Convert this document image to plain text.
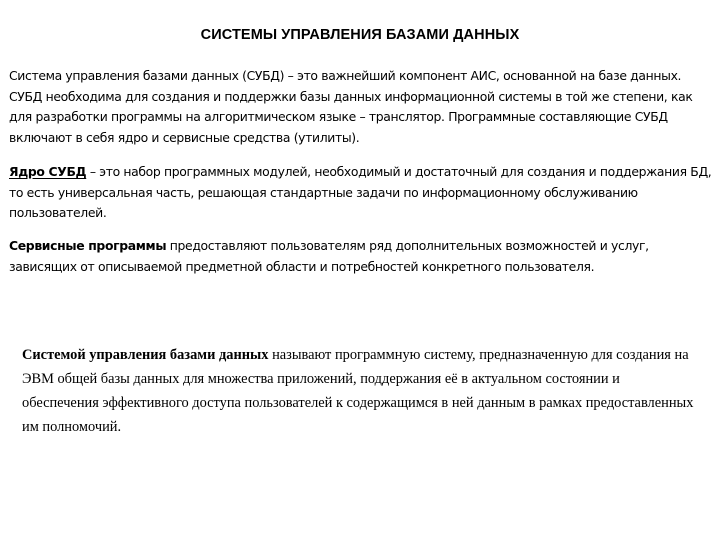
СИСТЕМЫ УПРАВЛЕНИЯ БАЗАМИ ДАННЫХ

Система управления базами данных (СУБД) – это важнейший компонент АИС, основанной на базе данных. СУБД необходима для создания и поддержки базы данных информационной системы в той же степени, как для разработки программы на алгоритмическом языке – транслятор. Программные составляющие СУБД включают в себя ядро и сервисные средства (утилиты).

Ядро СУБД – это набор программных модулей, необходимый и достаточный для создания и поддержания БД, то есть универсальная часть, решающая стандартные задачи по информационному обслуживанию пользователей.

Сервисные программы предоставляют пользователям ряд дополнительных возможностей и услуг, зависящих от описываемой предметной области и потребностей конкретного пользователя.

Системой управления базами данных называют программную систему, предназначенную для создания на ЭВМ общей базы данных для множества приложений, поддержания её в актуальном состоянии и обеспечения эффективного доступа пользователей к содержащимся в ней данным в рамках предоставленных им полномочий.
